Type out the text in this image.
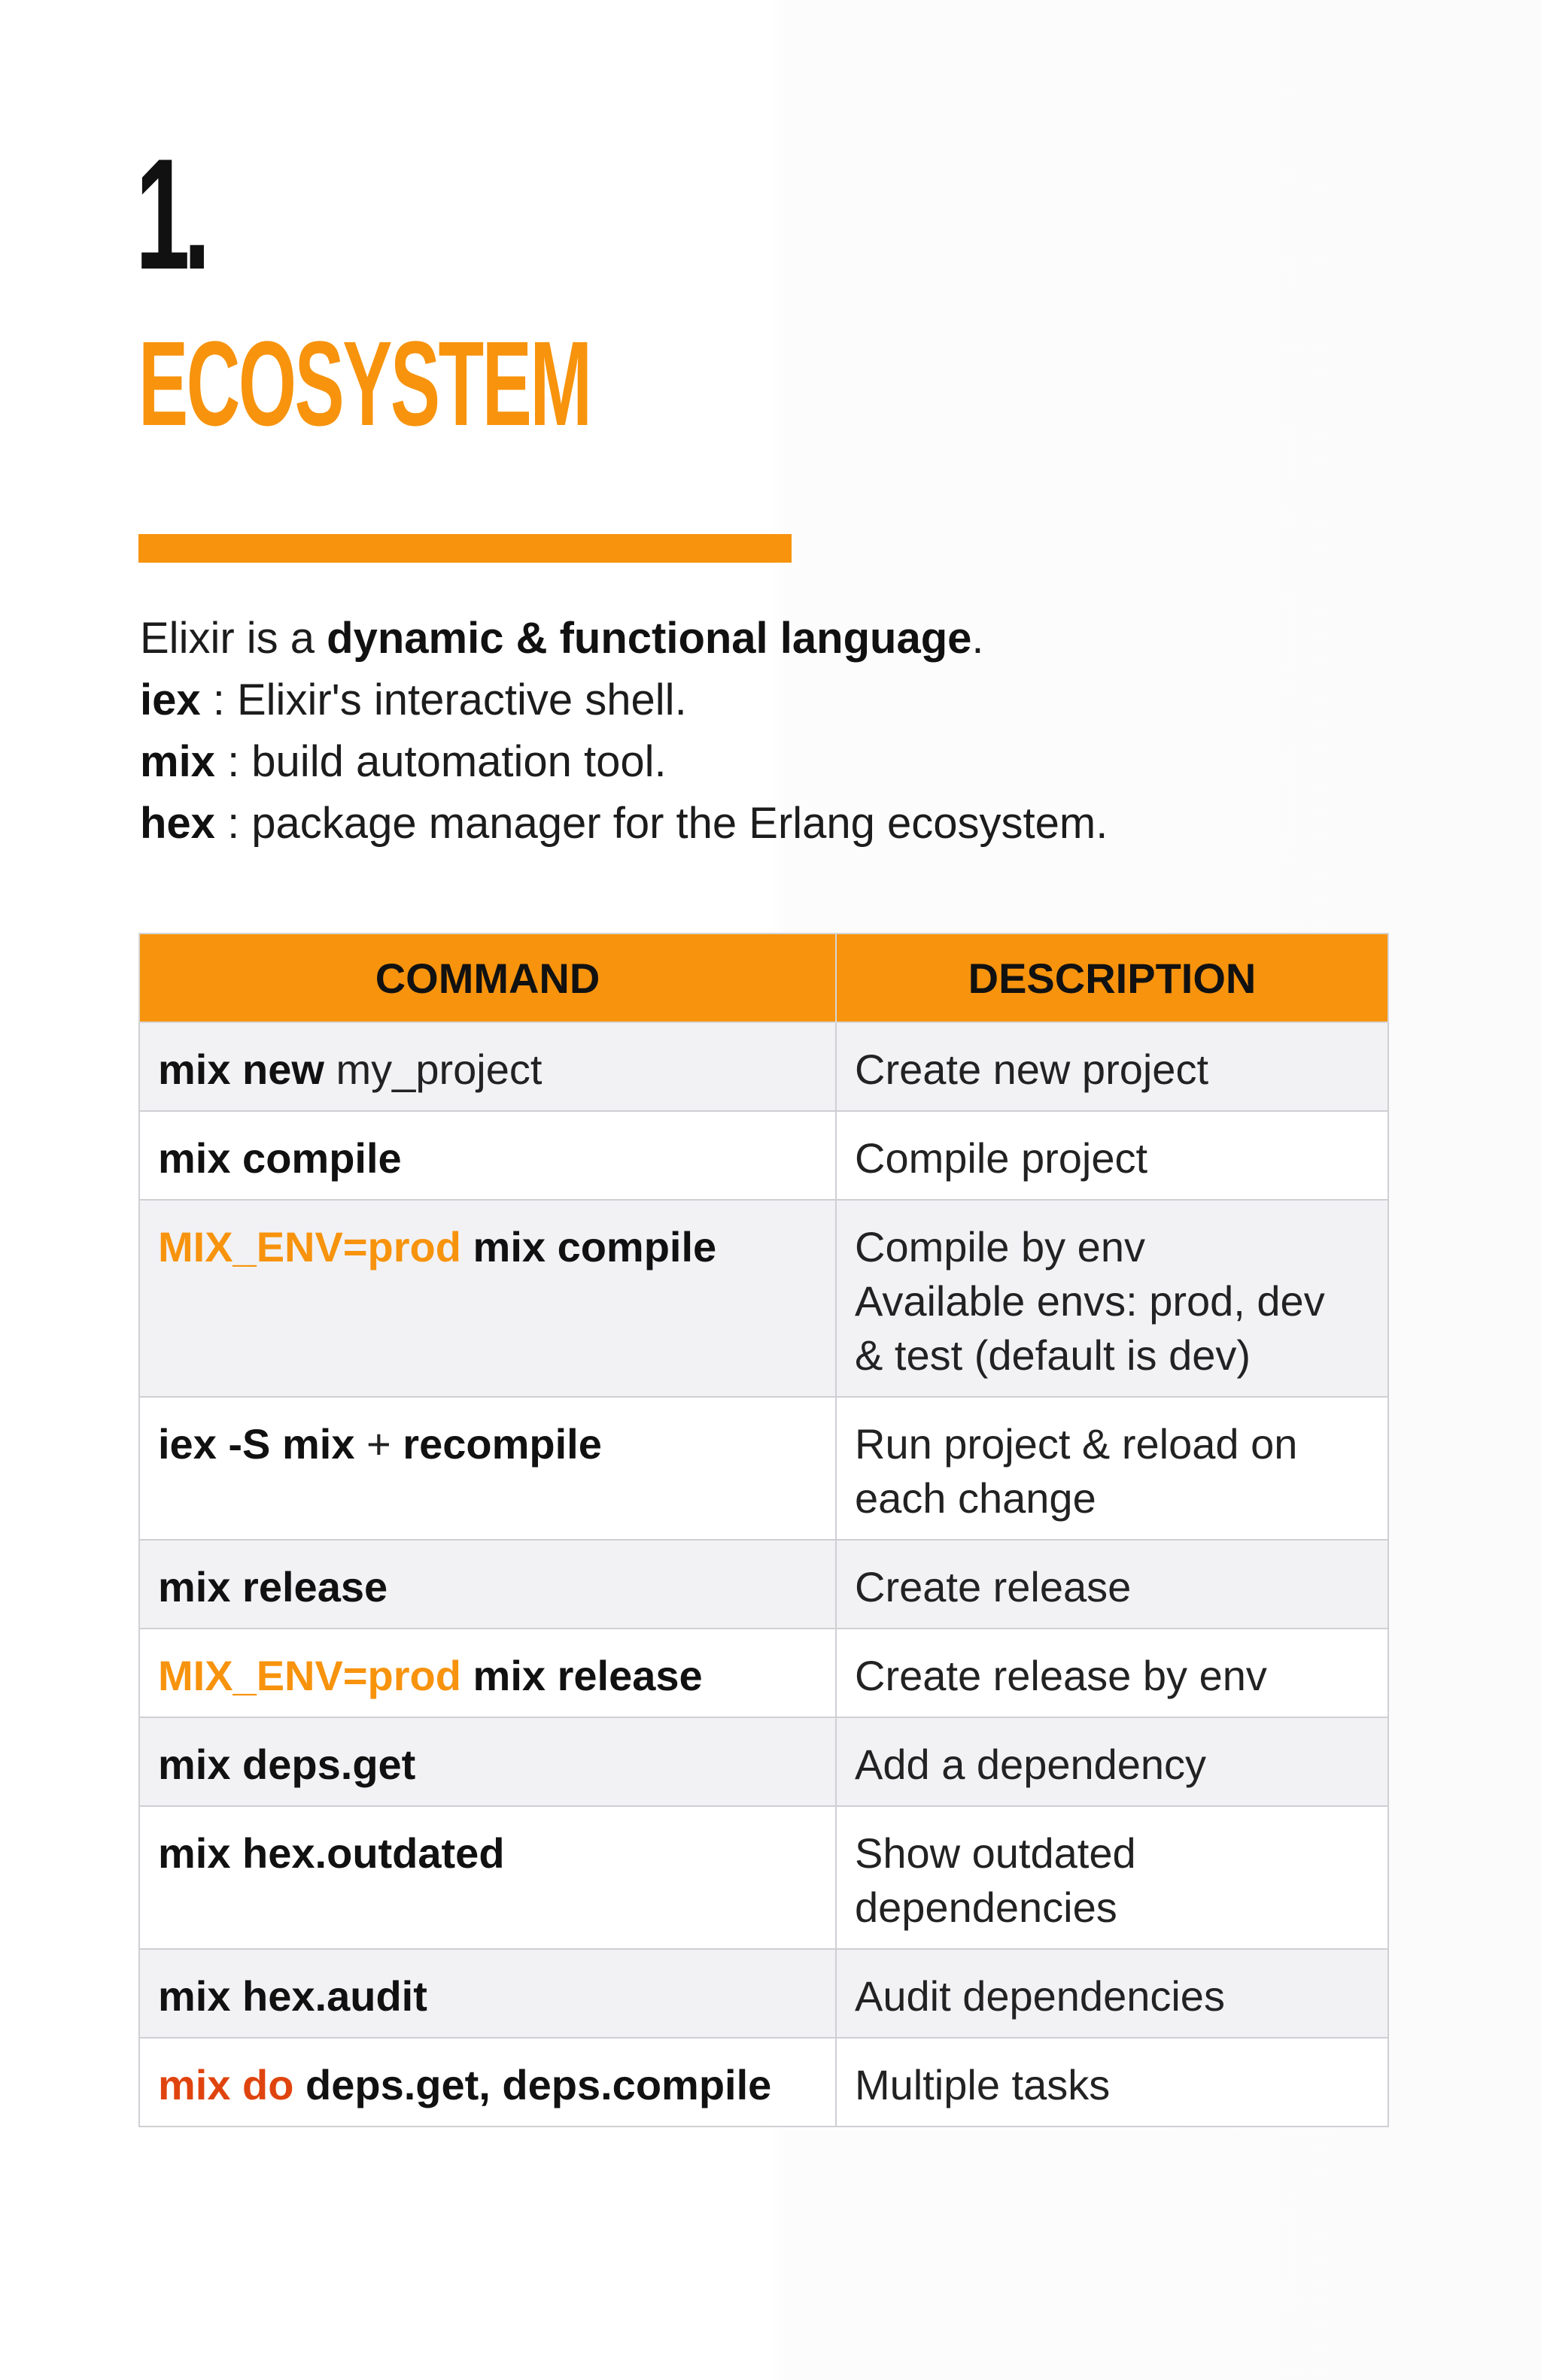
1.
ECOSYSTEM
Elixir is a dynamic & functional language.
iex : Elixir's interactive shell.
mix : build automation tool.
hex : package manager for the Erlang ecosystem.
COMMAND	DESCRIPTION
mix new my_project	Create new project
mix compile	Compile project
MIX_ENV=prod mix compile	Compile by env
Available envs: prod, dev
& test (default is dev)
iex -S mix + recompile	Run project & reload on
each change
mix release	Create release
MIX_ENV=prod mix release	Create release by env
mix deps.get	Add a dependency
mix hex.outdated	Show outdated
dependencies
mix hex.audit	Audit dependencies
mix do deps.get, deps.compile	Multiple tasks
